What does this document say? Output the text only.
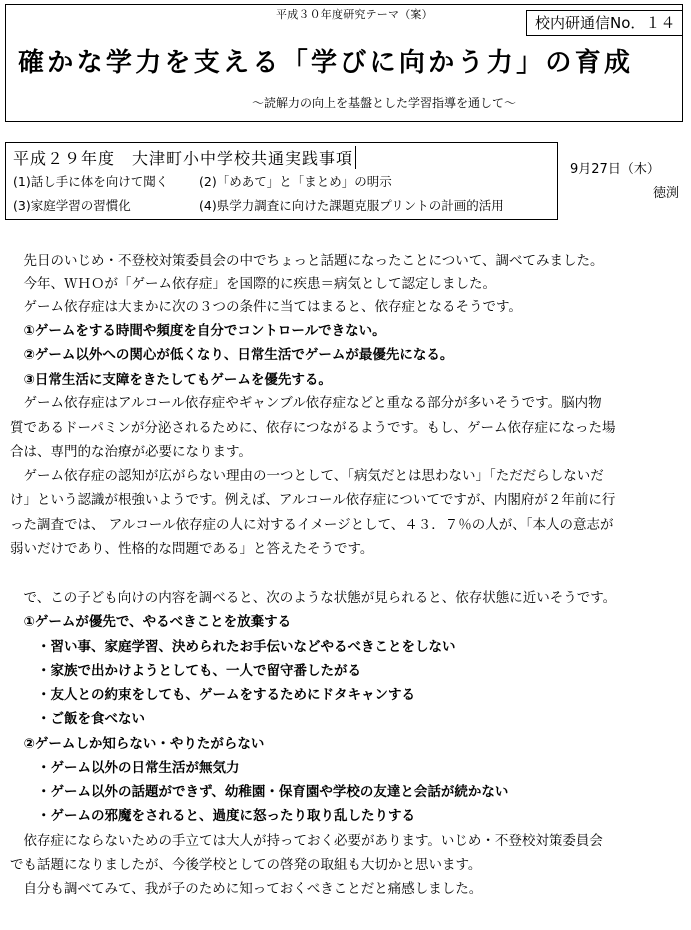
平成３０年度研究テーマ（案）	校内研通信No．１４
確かな学力を支える「学びに向かう力」の育成
～読解力の向上を基盤とした学習指導を通して～
平成２９年度　大津町小中学校共通実践事項
(1)話し手に体を向けて聞く (2)「めあて」と「まとめ」の明示
(3)家庭学習の習慣化	(4)県学力調査に向けた課題克服プリントの計画的活用
9月27日（木）
徳渕
　先日のいじめ・不登校対策委員会の中でちょっと話題になったことについて、調べてみました。
　今年、ＷＨＯが「ゲーム依存症」を国際的に疾患＝病気として認定しました。
　ゲーム依存症は大まかに次の３つの条件に当てはまると、依存症となるそうです。
　①ゲームをする時間や頻度を自分でコントロールできない。
　②ゲーム以外への関心が低くなり、日常生活でゲームが最優先になる。
　③日常生活に支障をきたしてもゲームを優先する。
　ゲーム依存症はアルコール依存症やギャンブル依存症などと重なる部分が多いそうです。脳内物
質であるドーパミンが分泌されるために、依存につながるようです。もし、ゲーム依存症になった場
合は、専門的な治療が必要になります。
　ゲーム依存症の認知が広がらない理由の一つとして、「病気だとは思わない」「ただだらしないだ
け」という認識が根強いようです。例えば、アルコール依存症についてですが、内閣府が２年前に行
った調査では、 アルコール依存症の人に対するイメージとして、４３．７％の人が、「本人の意志が
弱いだけであり、性格的な問題である」と答えたそうです。
　で、この子ども向けの内容を調べると、次のような状態が見られると、依存状態に近いそうです。
　①ゲームが優先で、やるべきことを放棄する
　　・習い事、家庭学習、決められたお手伝いなどやるべきことをしない
　　・家族で出かけようとしても、一人で留守番したがる
　　・友人との約束をしても、ゲームをするためにドタキャンする
　　・ご飯を食べない
　②ゲームしか知らない・やりたがらない
　　・ゲーム以外の日常生活が無気力
　　・ゲーム以外の話題ができず、幼稚園・保育園や学校の友達と会話が続かない
　　・ゲームの邪魔をされると、過度に怒ったり取り乱したりする
　依存症にならないための手立ては大人が持っておく必要があります。いじめ・不登校対策委員会
でも話題になりましたが、今後学校としての啓発の取組も大切かと思います。
　自分も調べてみて、我が子のために知っておくべきことだと痛感しました。
